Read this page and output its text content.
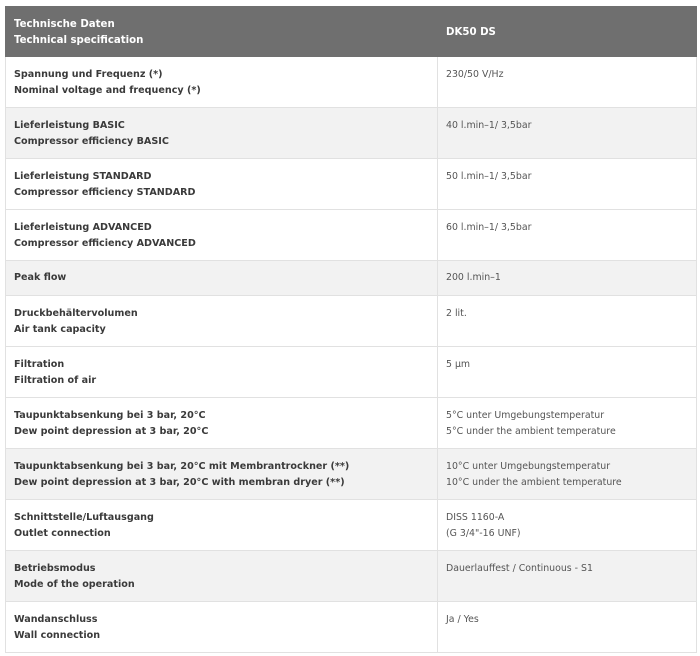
Technische Daten
Technical specification	DK50 DS

Spannung und Frequenz (*)
Nominal voltage and frequency (*)	230/50 V/Hz

Lieferleistung BASIC
Compressor efficiency BASIC	40 l.min–1/ 3,5bar

Lieferleistung STANDARD
Compressor efficiency STANDARD	50 l.min–1/ 3,5bar

Lieferleistung ADVANCED
Compressor efficiency ADVANCED	60 l.min–1/ 3,5bar

Peak flow	200 l.min–1

Druckbehältervolumen
Air tank capacity	2 lit.

Filtration
Filtration of air	5 µm

Taupunktabsenkung bei 3 bar, 20°C
Dew point depression at 3 bar, 20°C	5°C unter Umgebungstemperatur
5°C under the ambient temperature

Taupunktabsenkung bei 3 bar, 20°C mit Membrantrockner (**)
Dew point depression at 3 bar, 20°C with membran dryer (**)	10°C unter Umgebungstemperatur
10°C under the ambient temperature

Schnittstelle/Luftausgang
Outlet connection	DISS 1160-A
(G 3/4"-16 UNF)

Betriebsmodus
Mode of the operation	Dauerlauffest / Continuous - S1

Wandanschluss
Wall connection	Ja / Yes
